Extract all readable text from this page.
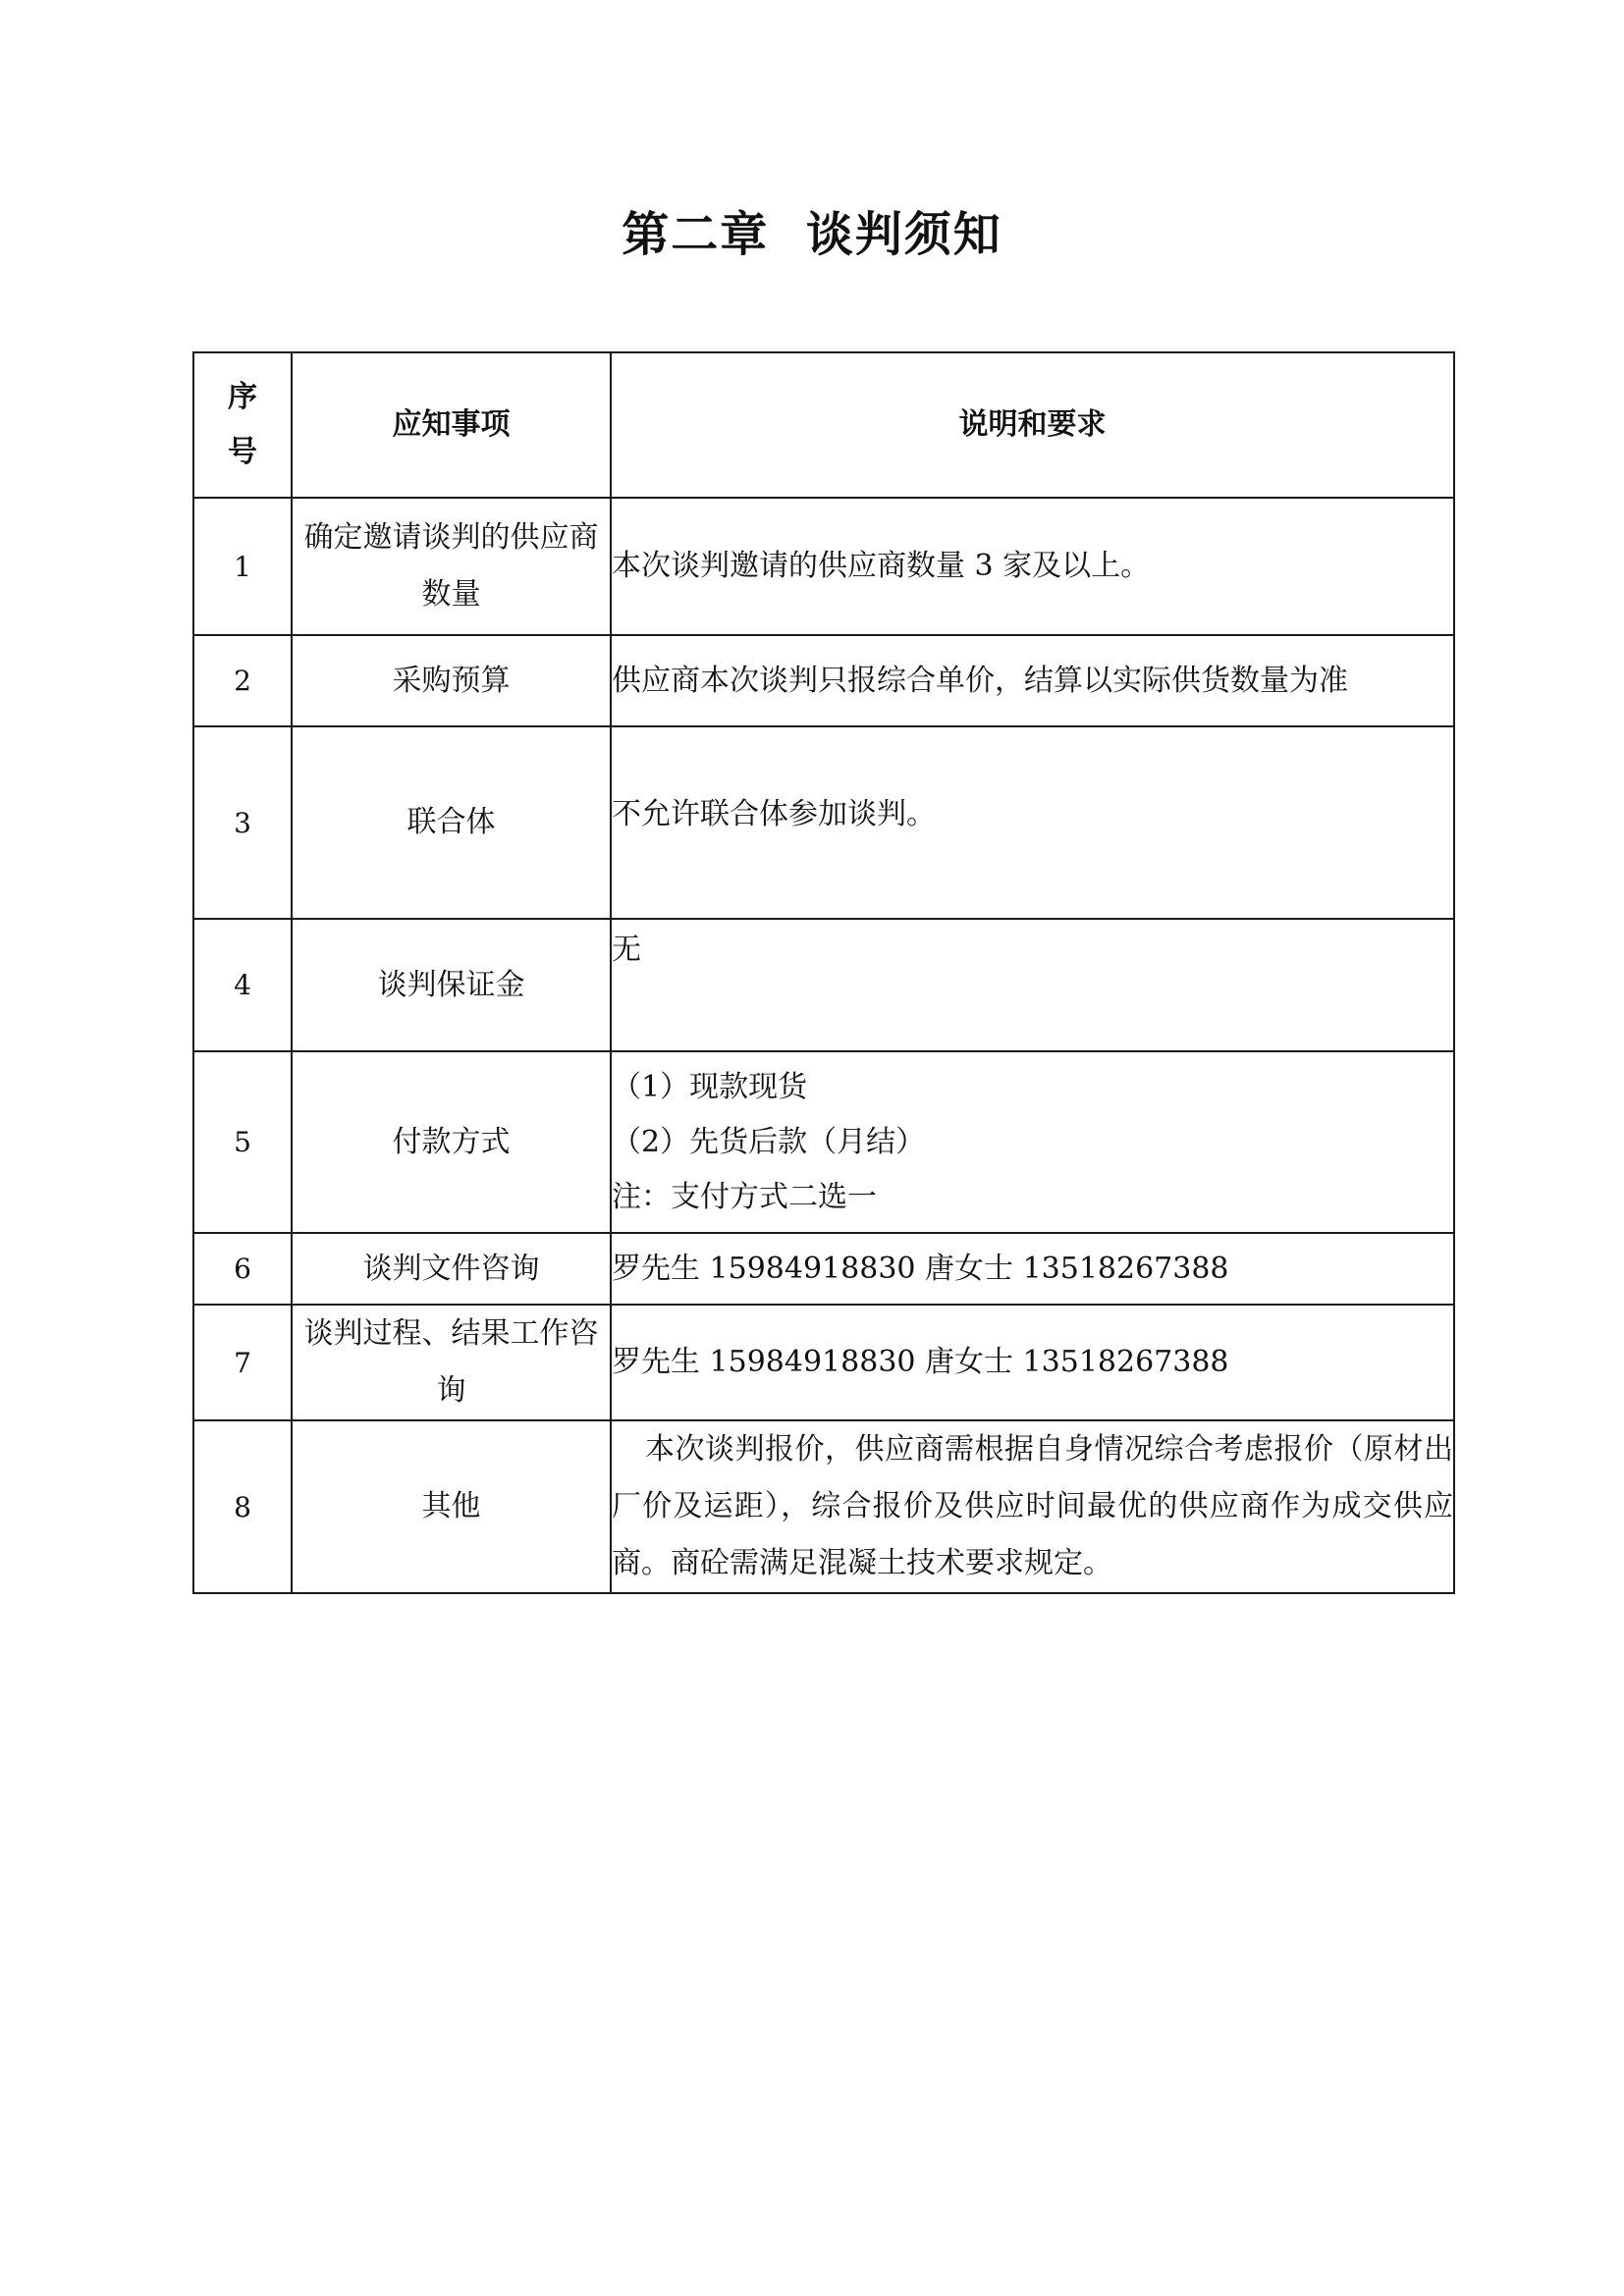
第二章  谈判须知
序号	应知事项	说明和要求
1	确定邀请谈判的供应商数量	本次谈判邀请的供应商数量 3 家及以上。
2	采购预算	供应商本次谈判只报综合单价，结算以实际供货数量为准
3	联合体	不允许联合体参加谈判。

4	谈判保证金	无
5	付款方式	（1）现款现货
（2）先货后款（月结）
注：支付方式二选一

6	谈判文件咨询	罗先生 15984918830 唐女士 13518267388
7	谈判过程、结果工作咨询	罗先生 15984918830 唐女士 13518267388
8	其他	本次谈判报价，供应商需根据自身情况综合考虑报价（原材出厂价及运距），综合报价及供应时间最优的供应商作为成交供应商。商砼需满足混凝土技术要求规定。
